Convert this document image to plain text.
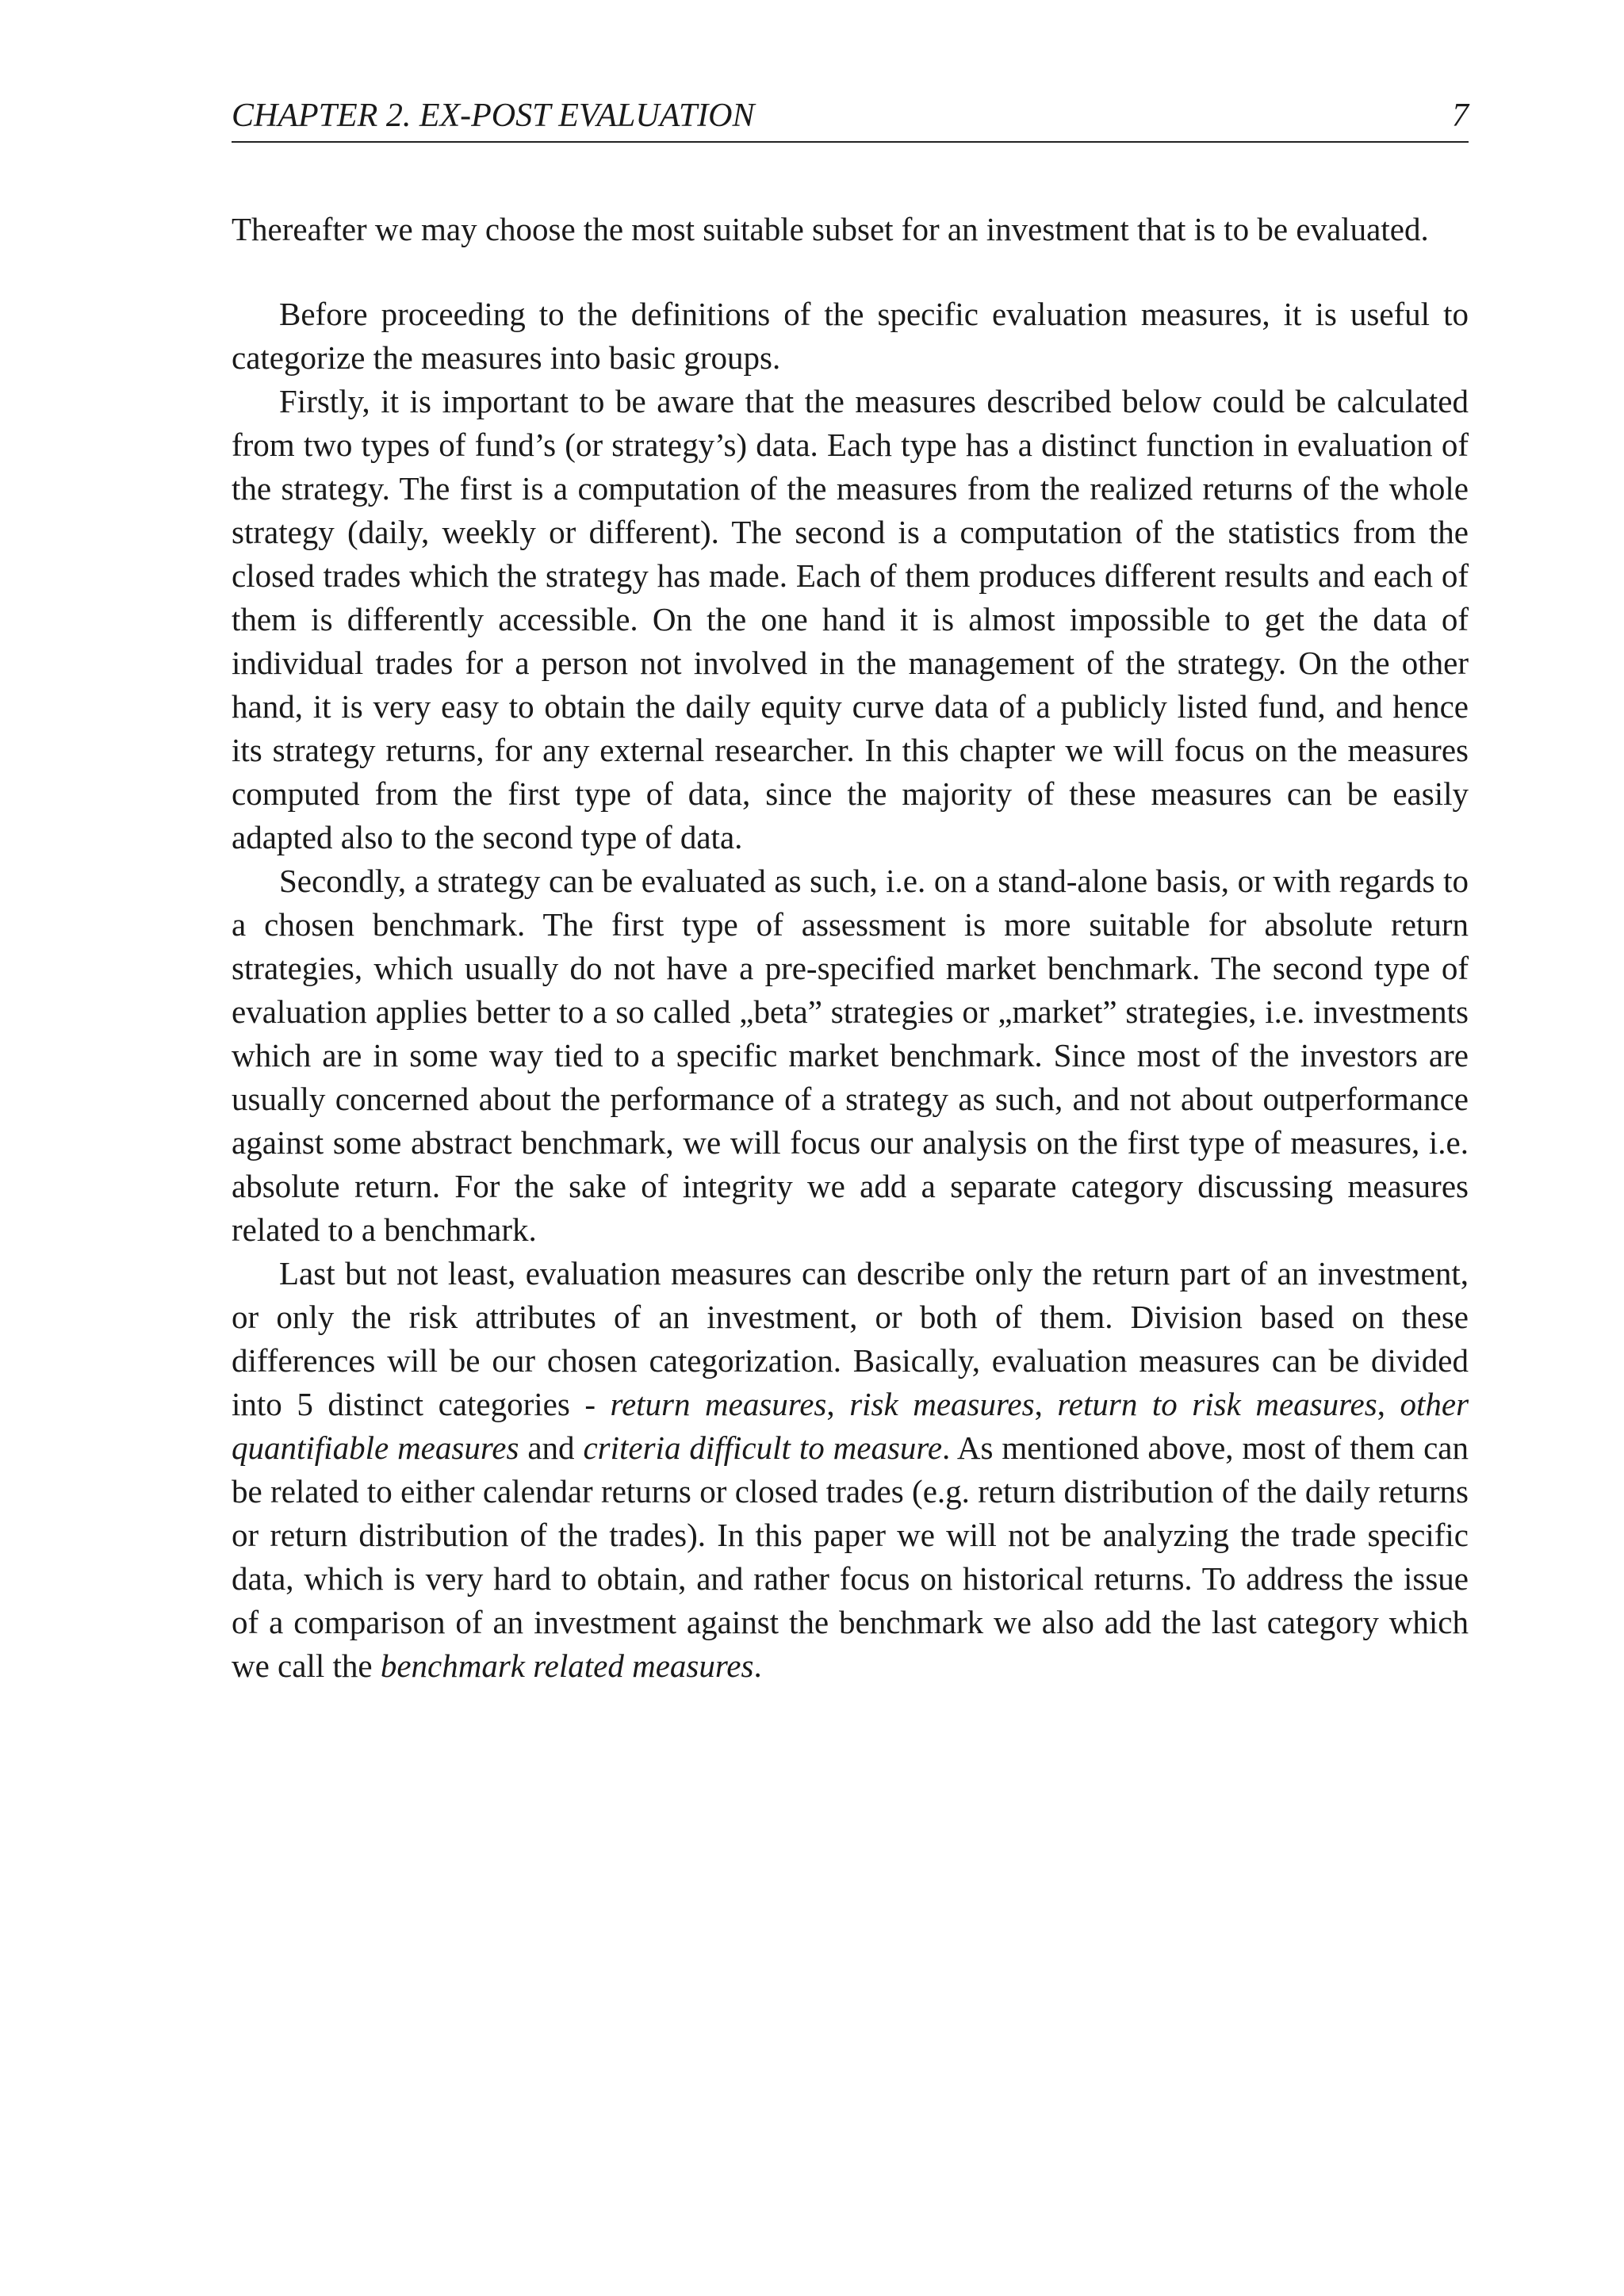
CHAPTER 2. EX-POST EVALUATION	7

Thereafter we may choose the most suitable subset for an investment that is to be evaluated.

Before proceeding to the definitions of the specific evaluation measures, it is useful to categorize the measures into basic groups.

Firstly, it is important to be aware that the measures described below could be calculated from two types of fund’s (or strategy’s) data. Each type has a distinct function in evaluation of the strategy. The first is a computation of the measures from the realized returns of the whole strategy (daily, weekly or different). The second is a computation of the statistics from the closed trades which the strategy has made. Each of them produces different results and each of them is differently accessible. On the one hand it is almost impossible to get the data of individual trades for a person not involved in the management of the strategy. On the other hand, it is very easy to obtain the daily equity curve data of a publicly listed fund, and hence its strategy returns, for any external researcher. In this chapter we will focus on the measures computed from the first type of data, since the majority of these measures can be easily adapted also to the second type of data.

Secondly, a strategy can be evaluated as such, i.e. on a stand-alone basis, or with regards to a chosen benchmark. The first type of assessment is more suitable for absolute return strategies, which usually do not have a pre-specified market benchmark. The second type of evaluation applies better to a so called „beta” strategies or „market” strategies, i.e. investments which are in some way tied to a specific market benchmark. Since most of the investors are usually concerned about the performance of a strategy as such, and not about outperformance against some abstract benchmark, we will focus our analysis on the first type of measures, i.e. absolute return. For the sake of integrity we add a separate category discussing measures related to a benchmark.

Last but not least, evaluation measures can describe only the return part of an investment, or only the risk attributes of an investment, or both of them. Division based on these differences will be our chosen categorization. Basically, evaluation measures can be divided into 5 distinct categories - return measures, risk measures, return to risk measures, other quantifiable measures and criteria difficult to measure. As mentioned above, most of them can be related to either calendar returns or closed trades (e.g. return distribution of the daily returns or return distribution of the trades). In this paper we will not be analyzing the trade specific data, which is very hard to obtain, and rather focus on historical returns. To address the issue of a comparison of an investment against the benchmark we also add the last category which we call the benchmark related measures.
